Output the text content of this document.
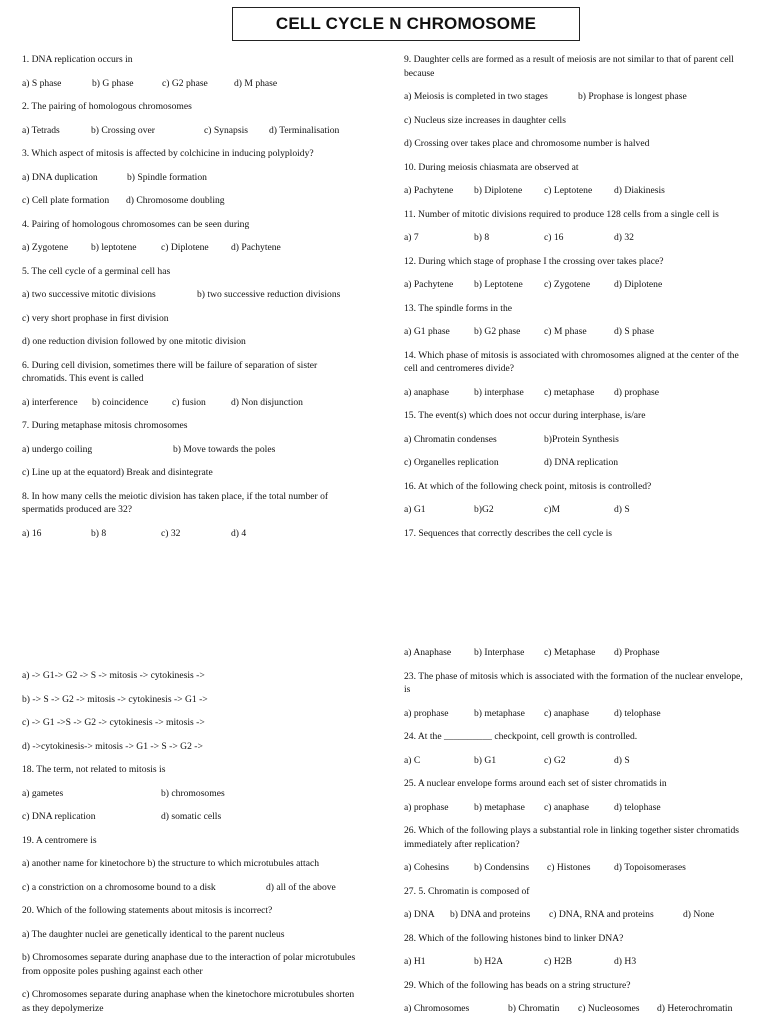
CELL CYCLE N CHROMOSOME
1. DNA replication occurs in
a) S phase	b) G phase	c) G2 phase	d) M phase
2. The pairing of homologous chromosomes
a) Tetrads	b) Crossing over	c) Synapsis	d) Terminalisation
3. Which aspect of mitosis is affected by colchicine in inducing polyploidy?
a) DNA duplication	b) Spindle formation
c) Cell plate formation	d) Chromosome doubling
4. Pairing of homologous chromosomes can be seen during
a) Zygotene	b) leptotene	c) Diplotene	d) Pachytene
5. The cell cycle of a germinal cell has
a) two successive mitotic divisions	b) two successive reduction divisions
c) very short prophase in first division
d) one reduction division followed by one mitotic division
6. During cell division, sometimes there will be failure of separation of sister chromatids. This event is called
a) interference	b) coincidence	c) fusion	d) Non disjunction
7. During metaphase mitosis chromosomes
a) undergo coiling	b) Move towards the poles
c) Line up at the equatord) Break and disintegrate
8. In how many cells the meiotic division has taken place, if the total number of spermatids produced are 32?
a) 16	b) 8	c) 32	d) 4
9. Daughter cells are formed as a result of meiosis are not similar to that of parent cell because
a) Meiosis is completed in two stages	b) Prophase is longest phase
c) Nucleus size increases in daughter cells
d) Crossing over takes place and chromosome number is halved
10. During meiosis chiasmata are observed at
a) Pachytene	b) Diplotene	c) Leptotene	d) Diakinesis
11. Number of mitotic divisions required to produce 128 cells from a single cell is
a) 7	b) 8	c) 16	d) 32
12. During which stage of prophase I the crossing over takes place?
a) Pachytene	b) Leptotene	c) Zygotene	d) Diplotene
13. The spindle forms in the
a) G1 phase	b) G2 phase	c) M phase	d) S phase
14. Which phase of mitosis is associated with chromosomes aligned at the center of the cell and centromeres divide?
a) anaphase	b) interphase	c) metaphase	d) prophase
15. The event(s) which does not occur during interphase, is/are
a) Chromatin condenses	b)Protein Synthesis
c) Organelles replication	d) DNA replication
16. At which of the following check point, mitosis is controlled?
a) G1	b)G2	c)M	d) S
17. Sequences that correctly describes the cell cycle is
a) -> G1-> G2 -> S -> mitosis -> cytokinesis ->
b) -> S -> G2 -> mitosis -> cytokinesis -> G1 ->
c) -> G1 ->S -> G2 -> cytokinesis -> mitosis ->
d) ->cytokinesis-> mitosis -> G1 -> S -> G2 ->
18. The term, not related to mitosis is
a) gametes	b) chromosomes
c) DNA replication	d) somatic cells
19. A centromere is
a) another name for kinetochore b) the structure to which microtubules attach
c) a constriction on a chromosome bound to a disk	d) all of the above
20. Which of the following statements about mitosis is incorrect?
a) The daughter nuclei are genetically identical to the parent nucleus
b) Chromosomes separate during anaphase due to the interaction of polar microtubules from opposite poles pushing against each other
c) Chromosomes separate during anaphase when the kinetochore microtubules shorten as they depolymerize
a) Anaphase	b) Interphase	c) Metaphase	d) Prophase
23. The phase of mitosis which is associated with the formation of the nuclear envelope, is
a) prophase	b) metaphase	c) anaphase	d) telophase
24. At the __________ checkpoint, cell growth is controlled.
a) C	b) G1	c) G2	d) S
25. A nuclear envelope forms around each set of sister chromatids in
a) prophase	b) metaphase	c) anaphase	d) telophase
26. Which of the following plays a substantial role in linking together sister chromatids immediately after replication?
a) Cohesins	b) Condensins	c) Histones	d) Topoisomerases
27. 5. Chromatin is composed of
a) DNA	b) DNA and proteins	c) DNA, RNA and proteins	d) None
28. Which of the following histones bind to linker DNA?
a) H1	b) H2A	c) H2B	d) H3
29. Which of the following has beads on a string structure?
a) Chromosomes	b) Chromatin	c) Nucleosomes	d) Heterochromatin
